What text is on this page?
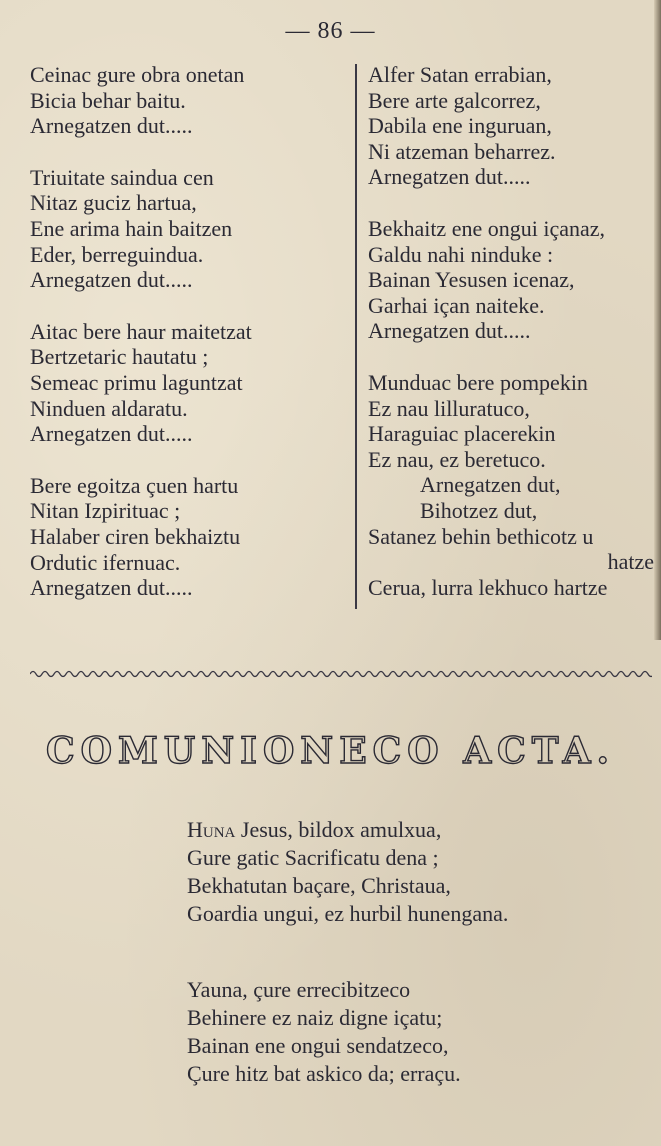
— 86 —
Ceinac gure obra onetan
Bicia behar baitu.
Arnegatzen dut.....
Triuitate saindua cen
Nitaz guciz hartua,
Ene arima hain baitzen
Eder, berreguindua.
Arnegatzen dut.....
Aitac bere haur maitetzat
Bertzetaric hautatu ;
Semeac primu laguntzat
Ninduen aldaratu.
Arnegatzen dut.....
Bere egoitza çuen hartu
Nitan Izpirituac ;
Halaber ciren bekhaiztu
Ordutic ifernuac.
Arnegatzen dut.....
Alfer Satan errabian,
Bere arte galcorrez,
Dabila ene inguruan,
Ni atzeman beharrez.
Arnegatzen dut.....
Bekhaitz ene ongui içanaz,
Galdu nahi ninduke :
Bainan Yesusen icenaz,
Garhai içan naiteke.
Arnegatzen dut.....
Munduac bere pompekin
Ez nau lilluratuco,
Haraguiac placerekin
Ez nau, ez beretuco.
Arnegatzen dut,
Bihotzez dut,
Satanez behin bethicotz u
hatze
Cerua, lurra lekhuco hartze
COMUNIONECO ACTA.
Huna Jesus, bildox amulxua,
Gure gatic Sacrificatu dena ;
Bekhatutan baçare, Christaua,
Goardia ungui, ez hurbil hunengana.
Yauna, çure errecibitzeco
Behinere ez naiz digne içatu;
Bainan ene ongui sendatzeco,
Çure hitz bat askico da; erraçu.
